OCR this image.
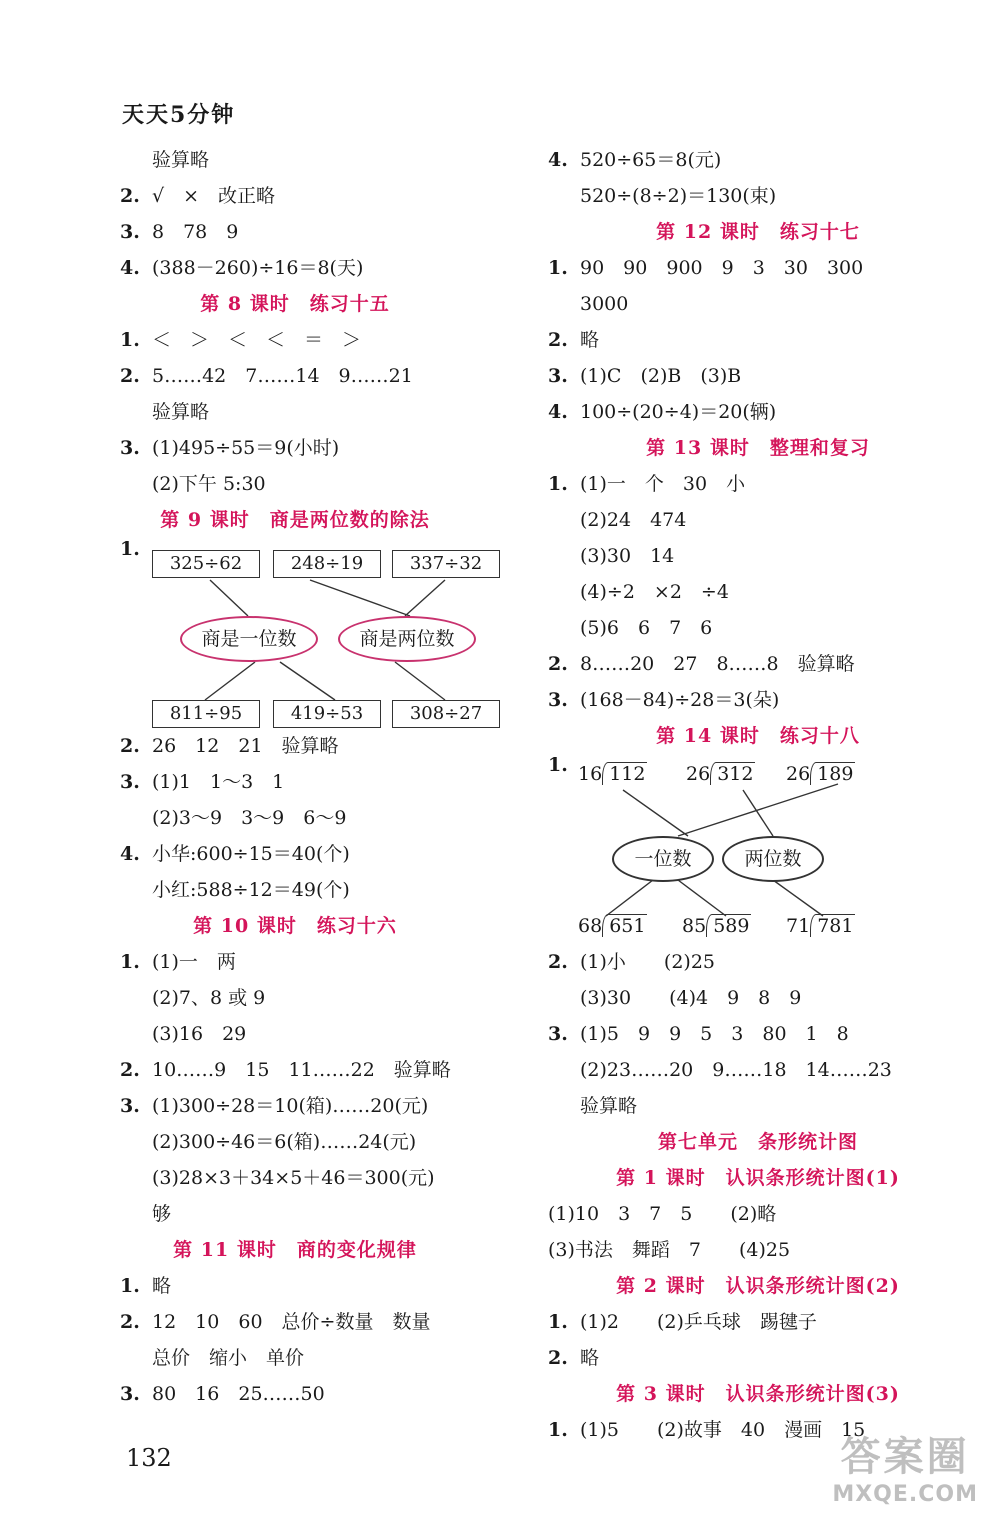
天天5分钟
验算略
2. √　×　改正略
3. 8　78　9
4. (388－260)÷16＝8(天)
第 8 课时　练习十五
1. ＜　＞　＜　＜　＝　＞
2. 5……42　7……14　9……21
验算略
3. (1)495÷55＝9(小时)
(2)下午 5:30
第 9 课时　商是两位数的除法
1.
325÷62	248÷19	337÷32
商是一位数	商是两位数
811÷95	419÷53	308÷27
2. 26　12　21　验算略
3. (1)1　1～3　1
(2)3～9　3～9　6～9
4. 小华:600÷15＝40(个)
小红:588÷12＝49(个)
第 10 课时　练习十六
1. (1)一　两
(2)7、8 或 9
(3)16　29
2. 10……9　15　11……22　验算略
3. (1)300÷28＝10(箱)……20(元)
(2)300÷46＝6(箱)……24(元)
(3)28×3＋34×5＋46＝300(元)
够
第 11 课时　商的变化规律
1. 略
2. 12　10　60　总价÷数量　数量
总价　缩小　单价
3. 80　16　25……50
4. 520÷65＝8(元)
520÷(8÷2)＝130(束)
第 12 课时　练习十七
1. 90　90　900　9　3　30　300
3000
2. 略
3. (1)C　(2)B　(3)B
4. 100÷(20÷4)＝20(辆)
第 13 课时　整理和复习
1. (1)一　个　30　小
(2)24　474
(3)30　14
(4)÷2　×2　÷4
(5)6　6　7　6
2. 8……20　27　8……8　验算略
3. (168－84)÷28＝3(朵)
第 14 课时　练习十八
1. 16 112 26 312 26 189
一位数	两位数
68 651 85 589 71 781
2. (1)小　　(2)25
(3)30　　(4)4　9　8　9
3. (1)5　9　9　5　3　80　1　8
(2)23……20　9……18　14……23
验算略
第七单元　条形统计图
第 1 课时　认识条形统计图(1)
(1)10　3　7　5　　(2)略
(3)书法　舞蹈　7　　(4)25
第 2 课时　认识条形统计图(2)
1. (1)2　　(2)乒乓球　踢毽子
2. 略
第 3 课时　认识条形统计图(3)
1. (1)5　　(2)故事　40　漫画　15
132	答案圈
MXQE.COM
